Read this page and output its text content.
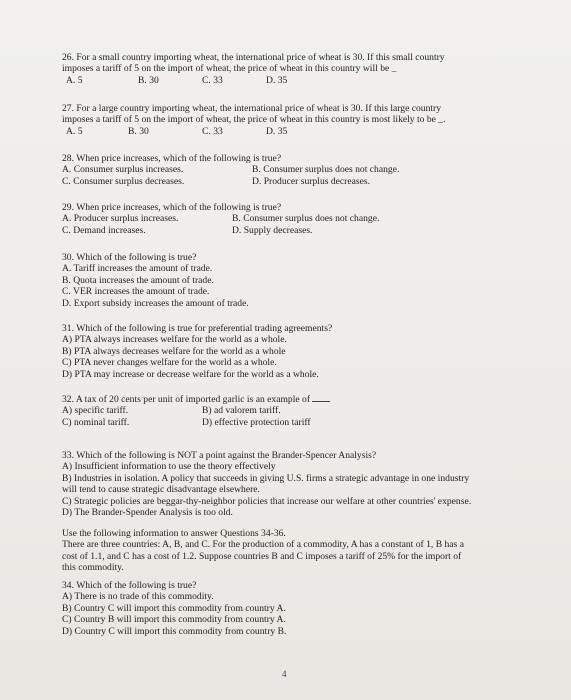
26. For a small country importing wheat, the international price of wheat is 30. If this small country
imposes a tariff of 5 on the import of wheat, the price of wheat in this country will be _
A. 5	B. 30	C. 33	D. 35
27. For a large country importing wheat, the international price of wheat is 30. If this large country
imposes a tariff of 5 on the import of wheat, the price of wheat in this country is most likely to be _.
A. 5	B. 30	C. 33	D. 35
28. When price increases, which of the following is true?
A. Consumer surplus increases.	B. Consumer surplus does not change.
C. Consumer surplus decreases.	D. Producer surplus decreases.
29. When price increases, which of the following is true?
A. Producer surplus increases.	B. Consumer surplus does not change.
C. Demand increases.	D. Supply decreases.
30. Which of the following is true?
A. Tariff increases the amount of trade.
B. Quota increases the amount of trade.
C. VER increases the amount of trade.
D. Export subsidy increases the amount of trade.
31. Which of the following is true for preferential trading agreements?
A) PTA always increases welfare for the world as a whole.
B) PTA always decreases welfare for the world as a whole
C) PTA never changes welfare for the world as a whole.
D) PTA may increase or decrease welfare for the world as a whole.
32. A tax of 20 cents per unit of imported garlic is an example of
A) specific tariff.	B) ad valorem tariff.
C) nominal tariff.	D) effective protection tariff
33. Which of the following is NOT a point against the Brander-Spencer Analysis?
A) Insufficient information to use the theory effectively
B) Industries in isolation. A policy that succeeds in giving U.S. firms a strategic advantage in one industry
will tend to cause strategic disadvantage elsewhere.
C) Strategic policies are beggar-thy-neighbor policies that increase our welfare at other countries' expense.
D) The Brander-Spender Analysis is too old.
Use the following information to answer Questions 34-36.
There are three countries: A, B, and C. For the production of a commodity, A has a constant of 1, B has a
cost of 1.1, and C has a cost of 1.2. Suppose countries B and C imposes a tariff of 25% for the import of
this commodity.
34. Which of the following is true?
A) There is no trade of this commodity.
B) Country C will import this commodity from country A.
C) Country B will import this commodity from country A.
D) Country C will import this commodity from country B.
4
